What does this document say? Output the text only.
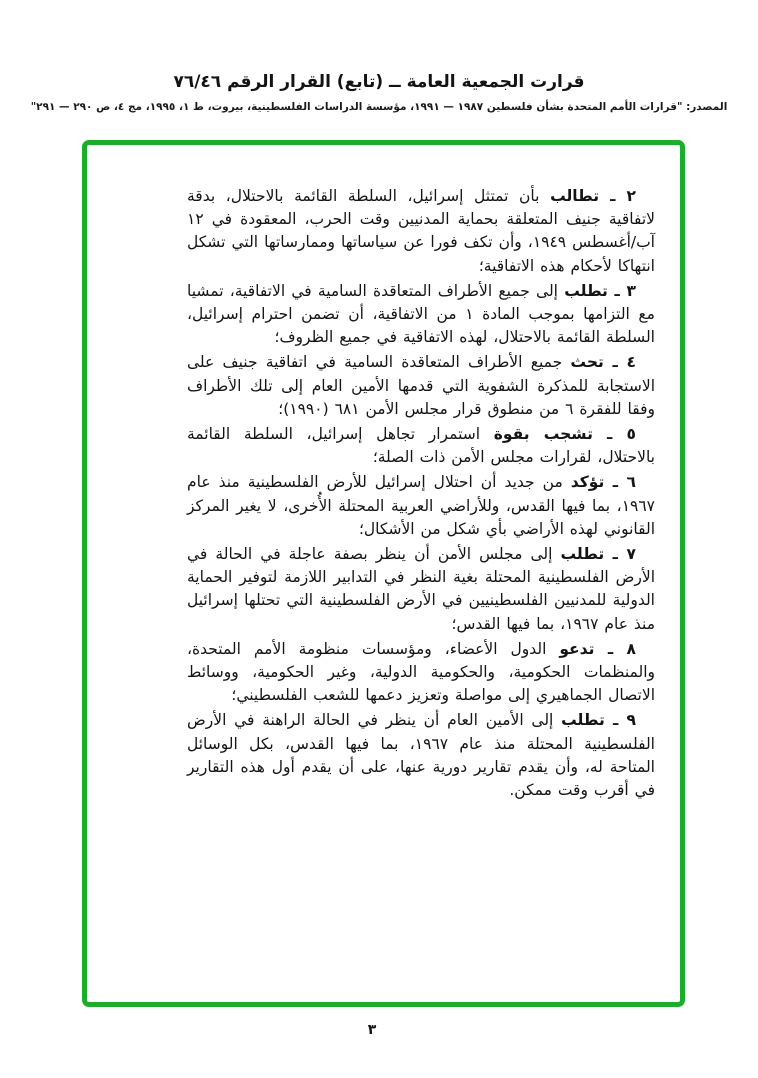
قرارت الجمعية العامة ــ (تابع) القرار الرقم ٧٦/٤٦
المصدر: "قرارات الأمم المتحدة بشأن فلسطين ١٩٨٧ — ١٩٩١، مؤسسة الدراسات الفلسطينية، بيروت، ط ١، ١٩٩٥، مج ٤، ص ٢٩٠ — ٢٩١"

٢ ـ تطالب بأن تمتثل إسرائيل، السلطة القائمة بالاحتلال، بدقة لاتفاقية جنيف المتعلقة بحماية المدنيين وقت الحرب، المعقودة في ١٢ آب/أغسطس ١٩٤٩، وأن تكف فورا عن سياساتها وممارساتها التي تشكل انتهاكا لأحكام هذه الاتفاقية؛

٣ ـ تطلب إلى جميع الأطراف المتعاقدة السامية في الاتفاقية، تمشيا مع التزامها بموجب المادة ١ من الاتفاقية، أن تضمن احترام إسرائيل، السلطة القائمة بالاحتلال، لهذه الاتفاقية في جميع الظروف؛

٤ ـ تحث جميع الأطراف المتعاقدة السامية في اتفاقية جنيف على الاستجابة للمذكرة الشفوية التي قدمها الأمين العام إلى تلك الأطراف وفقا للفقرة ٦ من منطوق قرار مجلس الأمن ٦٨١ (١٩٩٠)؛

٥ ـ تشجب بقوة استمرار تجاهل إسرائيل، السلطة القائمة بالاحتلال، لقرارات مجلس الأمن ذات الصلة؛

٦ ـ تؤكد من جديد أن احتلال إسرائيل للأرض الفلسطينية منذ عام ١٩٦٧، بما فيها القدس، وللأراضي العربية المحتلة الأُخرى، لا يغير المركز القانوني لهذه الأراضي بأي شكل من الأشكال؛

٧ ـ تطلب إلى مجلس الأمن أن ينظر بصفة عاجلة في الحالة في الأرض الفلسطينية المحتلة بغية النظر في التدابير اللازمة لتوفير الحماية الدولية للمدنيين الفلسطينيين في الأرض الفلسطينية التي تحتلها إسرائيل منذ عام ١٩٦٧، بما فيها القدس؛

٨ ـ تدعو الدول الأعضاء، ومؤسسات منظومة الأمم المتحدة، والمنظمات الحكومية، والحكومية الدولية، وغير الحكومية، ووسائط الاتصال الجماهيري إلى مواصلة وتعزيز دعمها للشعب الفلسطيني؛

٩ ـ تطلب إلى الأمين العام أن ينظر في الحالة الراهنة في الأرض الفلسطينية المحتلة منذ عام ١٩٦٧، بما فيها القدس، بكل الوسائل المتاحة له، وأن يقدم تقارير دورية عنها، على أن يقدم أول هذه التقارير في أقرب وقت ممكن.

٣
